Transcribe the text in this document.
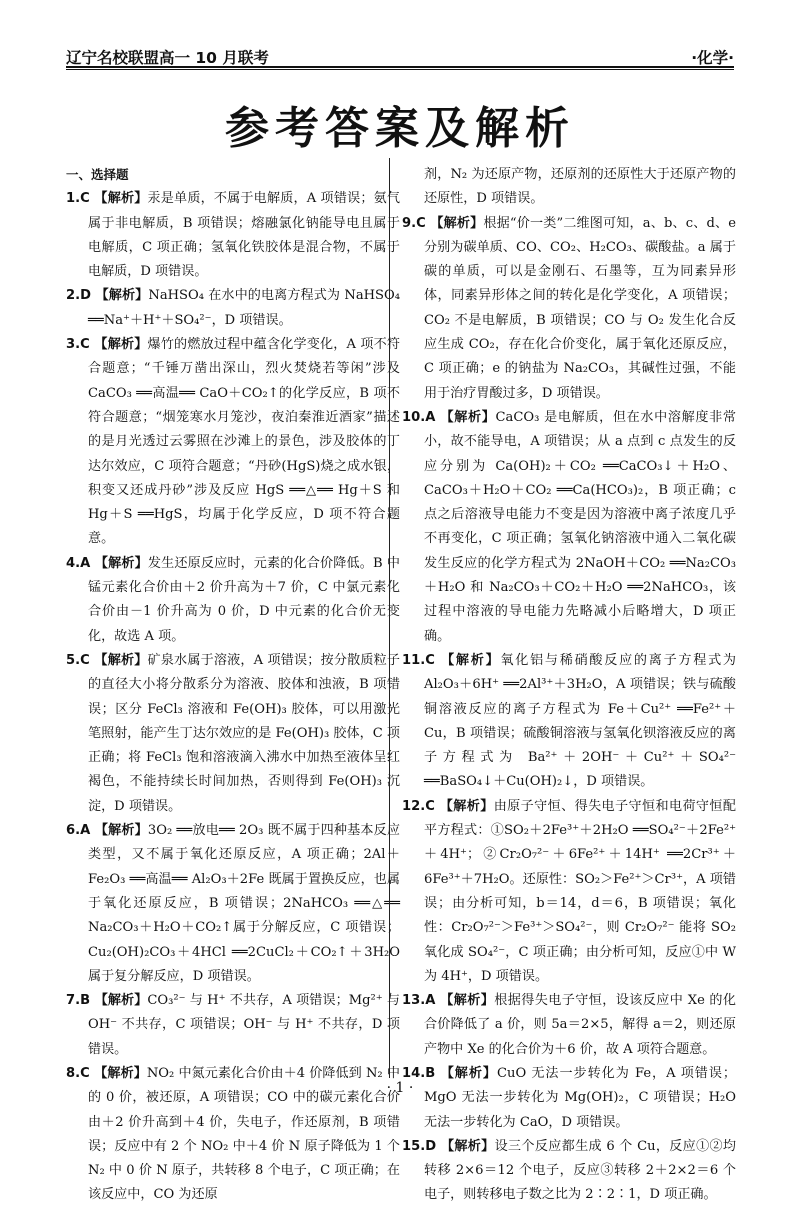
辽宁名校联盟高一 10 月联考	·化学·
参考答案及解析
一、选择题

1.C 【解析】汞是单质，不属于电解质，A 项错误；氨气属于非电解质，B 项错误；熔融氯化钠能导电且属于电解质，C 项正确；氢氧化铁胶体是混合物，不属于电解质，D 项错误。

2.D 【解析】NaHSO₄ 在水中的电离方程式为 NaHSO₄ ══Na⁺＋H⁺＋SO₄²⁻，D 项错误。

3.C 【解析】爆竹的燃放过程中蕴含化学变化，A 项不符合题意；“千锤万凿出深山，烈火焚烧若等闲”涉及 CaCO₃ ══高温══ CaO＋CO₂↑的化学反应，B 项不符合题意；“烟笼寒水月笼沙，夜泊秦淮近酒家”描述的是月光透过云雾照在沙滩上的景色，涉及胶体的丁达尔效应，C 项符合题意；“丹砂(HgS)烧之成水银，积变又还成丹砂”涉及反应 HgS ══△══ Hg＋S 和 Hg＋S ══HgS，均属于化学反应，D 项不符合题意。

4.A 【解析】发生还原反应时，元素的化合价降低。B 中锰元素化合价由＋2 价升高为＋7 价，C 中氯元素化合价由－1 价升高为 0 价，D 中元素的化合价无变化，故选 A 项。

5.C 【解析】矿泉水属于溶液，A 项错误；按分散质粒子的直径大小将分散系分为溶液、胶体和浊液，B 项错误；区分 FeCl₃ 溶液和 Fe(OH)₃ 胶体，可以用激光笔照射，能产生丁达尔效应的是 Fe(OH)₃ 胶体，C 项正确；将 FeCl₃ 饱和溶液滴入沸水中加热至液体呈红褐色，不能持续长时间加热，否则得到 Fe(OH)₃ 沉淀，D 项错误。

6.A 【解析】3O₂ ══放电══ 2O₃ 既不属于四种基本反应类型，又不属于氧化还原反应，A 项正确；2Al＋Fe₂O₃ ══高温══ Al₂O₃＋2Fe 既属于置换反应，也属于氧化还原反应，B 项错误；2NaHCO₃ ══△══ Na₂CO₃＋H₂O＋CO₂↑属于分解反应，C 项错误；Cu₂(OH)₂CO₃＋4HCl ══2CuCl₂＋CO₂↑＋3H₂O 属于复分解反应，D 项错误。

7.B 【解析】CO₃²⁻ 与 H⁺ 不共存，A 项错误；Mg²⁺ 与 OH⁻ 不共存，C 项错误；OH⁻ 与 H⁺ 不共存，D 项错误。

8.C 【解析】NO₂ 中氮元素化合价由＋4 价降低到 N₂ 中的 0 价，被还原，A 项错误；CO 中的碳元素化合价由＋2 价升高到＋4 价，失电子，作还原剂，B 项错误；反应中有 2 个 NO₂ 中＋4 价 N 原子降低为 1 个 N₂ 中 0 价 N 原子，共转移 8 个电子，C 项正确；在该反应中，CO 为还原

剂，N₂ 为还原产物，还原剂的还原性大于还原产物的还原性，D 项错误。

9.C 【解析】根据“价一类”二维图可知，a、b、c、d、e 分别为碳单质、CO、CO₂、H₂CO₃、碳酸盐。a 属于碳的单质，可以是金刚石、石墨等，互为同素异形体，同素异形体之间的转化是化学变化，A 项错误；CO₂ 不是电解质，B 项错误；CO 与 O₂ 发生化合反应生成 CO₂，存在化合价变化，属于氧化还原反应，C 项正确；e 的钠盐为 Na₂CO₃，其碱性过强，不能用于治疗胃酸过多，D 项错误。

10.A 【解析】CaCO₃ 是电解质，但在水中溶解度非常小，故不能导电，A 项错误；从 a 点到 c 点发生的反应分别为 Ca(OH)₂＋CO₂ ══CaCO₃↓＋H₂O、CaCO₃＋H₂O＋CO₂ ══Ca(HCO₃)₂，B 项正确；c 点之后溶液导电能力不变是因为溶液中离子浓度几乎不再变化，C 项正确；氢氧化钠溶液中通入二氧化碳发生反应的化学方程式为 2NaOH＋CO₂ ══Na₂CO₃＋H₂O 和 Na₂CO₃＋CO₂＋H₂O ══2NaHCO₃，该过程中溶液的导电能力先略减小后略增大，D 项正确。

11.C 【解析】氧化铝与稀硝酸反应的离子方程式为 Al₂O₃＋6H⁺ ══2Al³⁺＋3H₂O，A 项错误；铁与硫酸铜溶液反应的离子方程式为 Fe＋Cu²⁺ ══Fe²⁺＋Cu，B 项错误；硫酸铜溶液与氢氧化钡溶液反应的离子方程式为 Ba²⁺＋2OH⁻＋Cu²⁺＋SO₄²⁻ ══BaSO₄↓＋Cu(OH)₂↓，D 项错误。

12.C 【解析】由原子守恒、得失电子守恒和电荷守恒配平方程式：①SO₂＋2Fe³⁺＋2H₂O ══SO₄²⁻＋2Fe²⁺＋4H⁺；②Cr₂O₇²⁻＋6Fe²⁺＋14H⁺ ══2Cr³⁺＋6Fe³⁺＋7H₂O。还原性：SO₂＞Fe²⁺＞Cr³⁺，A 项错误；由分析可知，b＝14，d＝6，B 项错误；氧化性：Cr₂O₇²⁻＞Fe³⁺＞SO₄²⁻，则 Cr₂O₇²⁻ 能将 SO₂ 氧化成 SO₄²⁻，C 项正确；由分析可知，反应①中 W 为 4H⁺，D 项错误。

13.A 【解析】根据得失电子守恒，设该反应中 Xe 的化合价降低了 a 价，则 5a＝2×5，解得 a＝2，则还原产物中 Xe 的化合价为＋6 价，故 A 项符合题意。

14.B 【解析】CuO 无法一步转化为 Fe，A 项错误；MgO 无法一步转化为 Mg(OH)₂，C 项错误；H₂O 无法一步转化为 CaO，D 项错误。

15.D 【解析】设三个反应都生成 6 个 Cu，反应①②均转移 2×6＝12 个电子，反应③转移 2＋2×2＝6 个电子，则转移电子数之比为 2∶2∶1，D 项正确。

· 1 ·
